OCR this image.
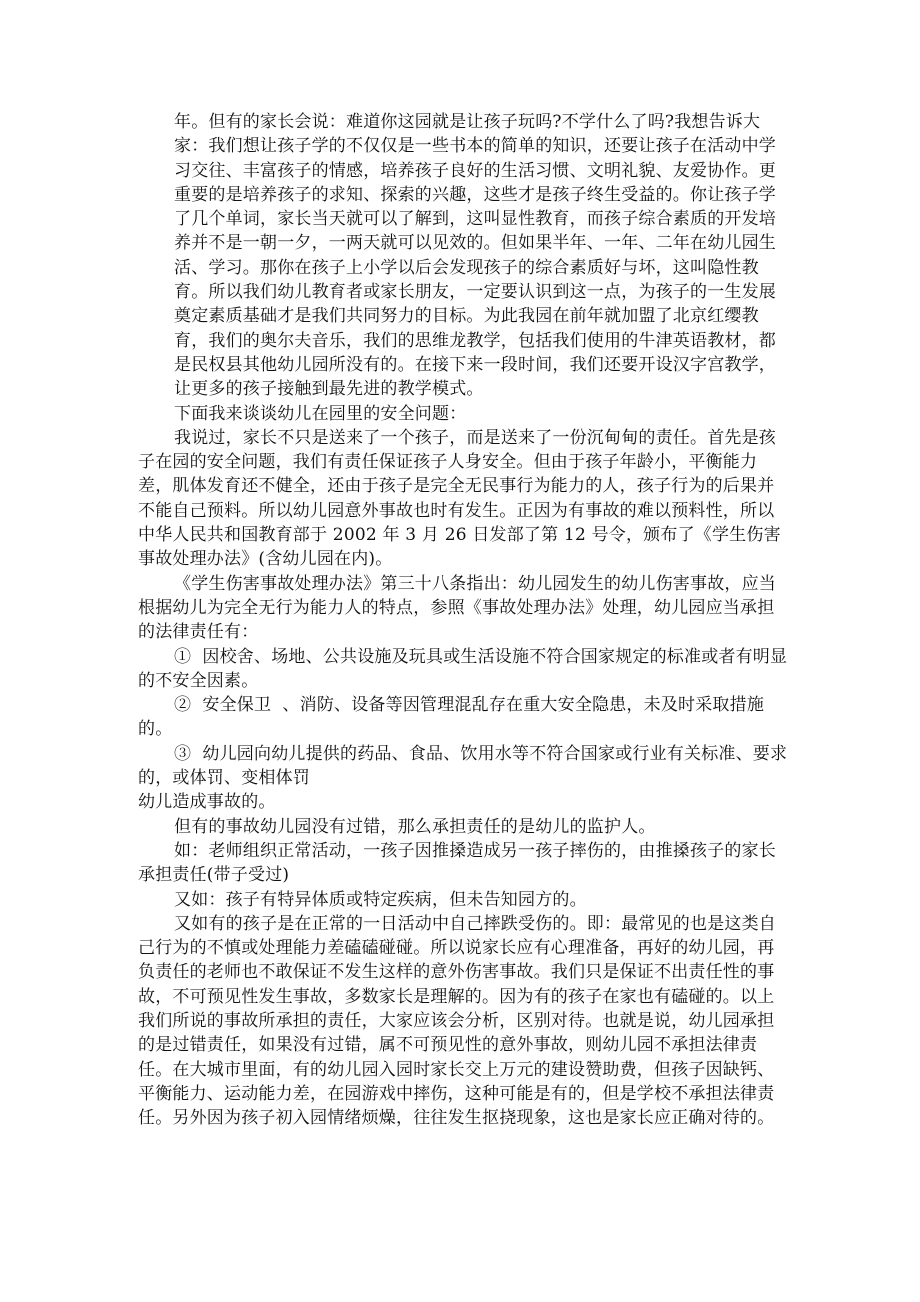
年。但有的家长会说：难道你这园就是让孩子玩吗?不学什么了吗?我想告诉大家：我们想让孩子学的不仅仅是一些书本的简单的知识，还要让孩子在活动中学习交往、丰富孩子的情感，培养孩子良好的生活习惯、文明礼貌、友爱协作。更重要的是培养孩子的求知、探索的兴趣，这些才是孩子终生受益的。你让孩子学了几个单词，家长当天就可以了解到，这叫显性教育，而孩子综合素质的开发培养并不是一朝一夕，一两天就可以见效的。但如果半年、一年、二年在幼儿园生活、学习。那你在孩子上小学以后会发现孩子的综合素质好与坏，这叫隐性教育。所以我们幼儿教育者或家长朋友，一定要认识到这一点，为孩子的一生发展奠定素质基础才是我们共同努力的目标。为此我园在前年就加盟了北京红缨教育，我们的奥尔夫音乐，我们的思维龙教学，包括我们使用的牛津英语教材，都是民权县其他幼儿园所没有的。在接下来一段时间，我们还要开设汉字宫教学，让更多的孩子接触到最先进的教学模式。

下面我来谈谈幼儿在园里的安全问题：

我说过，家长不只是送来了一个孩子，而是送来了一份沉甸甸的责任。首先是孩子在园的安全问题，我们有责任保证孩子人身安全。但由于孩子年龄小，平衡能力差，肌体发育还不健全，还由于孩子是完全无民事行为能力的人，孩子行为的后果并不能自己预料。所以幼儿园意外事故也时有发生。正因为有事故的难以预料性，所以中华人民共和国教育部于 2002 年 3 月 26 日发部了第 12 号令，颁布了《学生伤害事故处理办法》(含幼儿园在内)。

《学生伤害事故处理办法》第三十八条指出：幼儿园发生的幼儿伤害事故，应当根据幼儿为完全无行为能力人的特点，参照《事故处理办法》处理，幼儿园应当承担的法律责任有：

①  因校舍、场地、公共设施及玩具或生活设施不符合国家规定的标准或者有明显的不安全因素。

②  安全保卫  、消防、设备等因管理混乱存在重大安全隐患，未及时采取措施的。

③  幼儿园向幼儿提供的药品、食品、饮用水等不符合国家或行业有关标准、要求的，或体罚、变相体罚

幼儿造成事故的。

但有的事故幼儿园没有过错，那么承担责任的是幼儿的监护人。

如：老师组织正常活动，一孩子因推搡造成另一孩子摔伤的，由推搡孩子的家长承担责任(带子受过)

又如：孩子有特异体质或特定疾病，但未告知园方的。

又如有的孩子是在正常的一日活动中自己摔跌受伤的。即：最常见的也是这类自己行为的不慎或处理能力差磕磕碰碰。所以说家长应有心理准备，再好的幼儿园，再负责任的老师也不敢保证不发生这样的意外伤害事故。我们只是保证不出责任性的事故，不可预见性发生事故，多数家长是理解的。因为有的孩子在家也有磕碰的。以上我们所说的事故所承担的责任，大家应该会分析，区别对待。也就是说，幼儿园承担的是过错责任，如果没有过错，属不可预见性的意外事故，则幼儿园不承担法律责任。在大城市里面，有的幼儿园入园时家长交上万元的建设赞助费，但孩子因缺钙、平衡能力、运动能力差，在园游戏中摔伤，这种可能是有的，但是学校不承担法律责任。另外因为孩子初入园情绪烦燥，往往发生抠挠现象，这也是家长应正确对待的。
